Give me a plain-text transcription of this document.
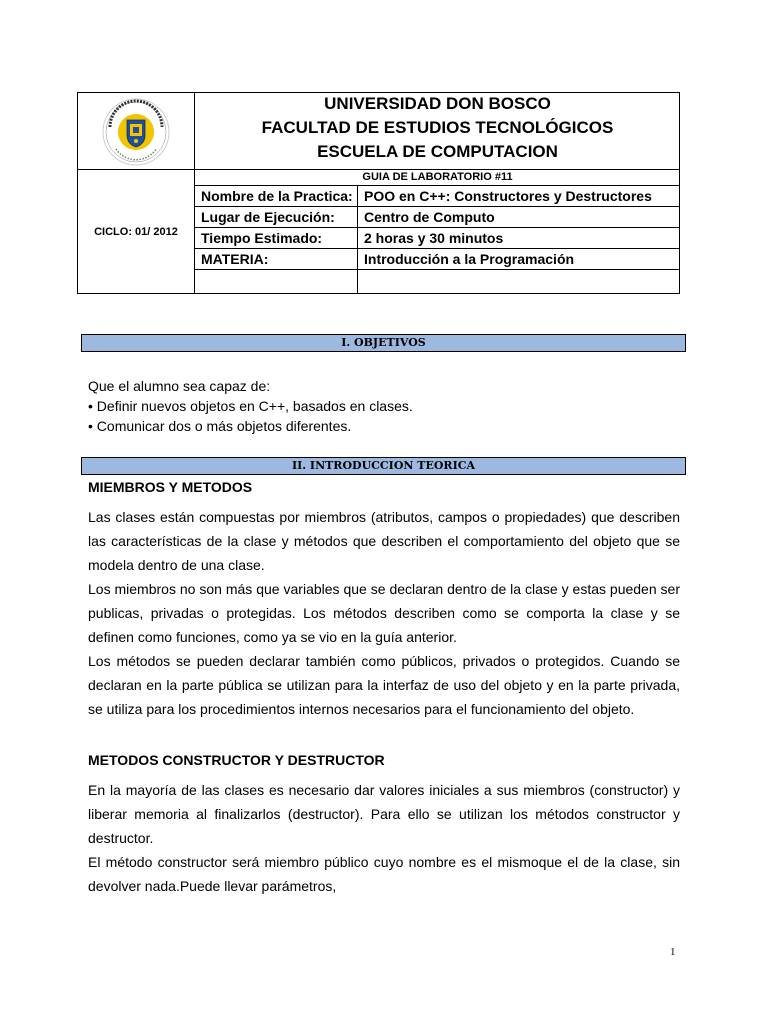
UNIVERSIDAD DON BOSCO
FACULTAD DE ESTUDIOS TECNOLÓGICOS
ESCUELA DE COMPUTACION
CICLO: 01/ 2012
GUIA DE LABORATORIO #11
Nombre de la Practica: POO en C++: Constructores y Destructores
Lugar de Ejecución:	Centro de Computo
Tiempo Estimado:	2 horas y 30 minutos
MATERIA:	Introducción a la Programación
I. OBJETIVOS
Que el alumno sea capaz de:
• Definir nuevos objetos en C++, basados en clases.
• Comunicar dos o más objetos diferentes.
II. INTRODUCCION TEORICA
MIEMBROS Y METODOS

Las clases están compuestas por miembros (atributos, campos o propiedades) que describen las características de la clase y métodos que describen el comportamiento del objeto que se modela dentro de una clase.

Los miembros no son más que variables que se declaran dentro de la clase y estas pueden ser publicas, privadas o protegidas. Los métodos describen como se comporta la clase y se definen como funciones, como ya se vio en la guía anterior.

Los métodos se pueden declarar también como públicos, privados o protegidos. Cuando se declaran en la parte pública se utilizan para la interfaz de uso del objeto y en la parte privada, se utiliza para los procedimientos internos necesarios para el funcionamiento del objeto.

METODOS CONSTRUCTOR Y DESTRUCTOR

En la mayoría de las clases es necesario dar valores iniciales a sus miembros (constructor) y liberar memoria al finalizarlos (destructor). Para ello se utilizan los métodos constructor y destructor.

El método constructor será miembro público cuyo nombre es el mismoque el de la clase, sin devolver nada.Puede llevar parámetros,

1
